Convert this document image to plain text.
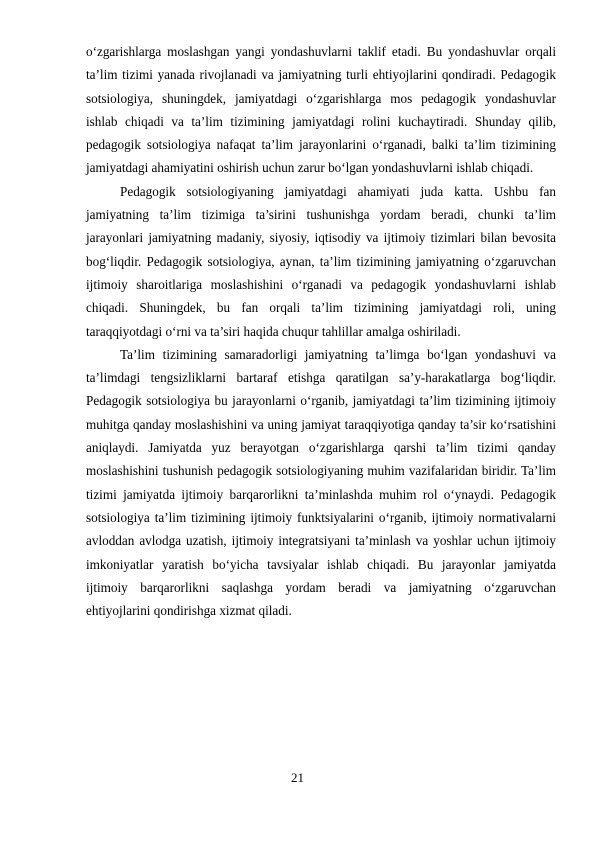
o‘zgarishlarga moslashgan yangi yondashuvlarni taklif etadi. Bu yondashuvlar orqali ta’lim tizimi yanada rivojlanadi va jamiyatning turli ehtiyojlarini qondiradi. Pedagogik sotsiologiya, shuningdek, jamiyatdagi o‘zgarishlarga mos pedagogik yondashuvlar ishlab chiqadi va ta’lim tizimining jamiyatdagi rolini kuchaytiradi. Shunday qilib, pedagogik sotsiologiya nafaqat ta’lim jarayonlarini o‘rganadi, balki ta’lim tizimining jamiyatdagi ahamiyatini oshirish uchun zarur bo‘lgan yondashuvlarni ishlab chiqadi.

Pedagogik sotsiologiyaning jamiyatdagi ahamiyati juda katta. Ushbu fan jamiyatning ta’lim tizimiga ta’sirini tushunishga yordam beradi, chunki ta’lim jarayonlari jamiyatning madaniy, siyosiy, iqtisodiy va ijtimoiy tizimlari bilan bevosita bog‘liqdir. Pedagogik sotsiologiya, aynan, ta’lim tizimining jamiyatning o‘zgaruvchan ijtimoiy sharoitlariga moslashishini o‘rganadi va pedagogik yondashuvlarni ishlab chiqadi. Shuningdek, bu fan orqali ta’lim tizimining jamiyatdagi roli, uning taraqqiyotdagi o‘rni va ta’siri haqida chuqur tahlillar amalga oshiriladi.

Ta’lim tizimining samaradorligi jamiyatning ta’limga bo‘lgan yondashuvi va ta’limdagi tengsizliklarni bartaraf etishga qaratilgan sa’y-harakatlarga bog‘liqdir. Pedagogik sotsiologiya bu jarayonlarni o‘rganib, jamiyatdagi ta’lim tizimining ijtimoiy muhitga qanday moslashishini va uning jamiyat taraqqiyotiga qanday ta’sir ko‘rsatishini aniqlaydi. Jamiyatda yuz berayotgan o‘zgarishlarga qarshi ta’lim tizimi qanday moslashishini tushunish pedagogik sotsiologiyaning muhim vazifalaridan biridir. Ta’lim tizimi jamiyatda ijtimoiy barqarorlikni ta’minlashda muhim rol o‘ynaydi. Pedagogik sotsiologiya ta’lim tizimining ijtimoiy funktsiyalarini o‘rganib, ijtimoiy normativalarni avloddan avlodga uzatish, ijtimoiy integratsiyani ta’minlash va yoshlar uchun ijtimoiy imkoniyatlar yaratish bo‘yicha tavsiyalar ishlab chiqadi. Bu jarayonlar jamiyatda ijtimoiy barqarorlikni saqlashga yordam beradi va jamiyatning o‘zgaruvchan ehtiyojlarini qondirishga xizmat qiladi.

21
